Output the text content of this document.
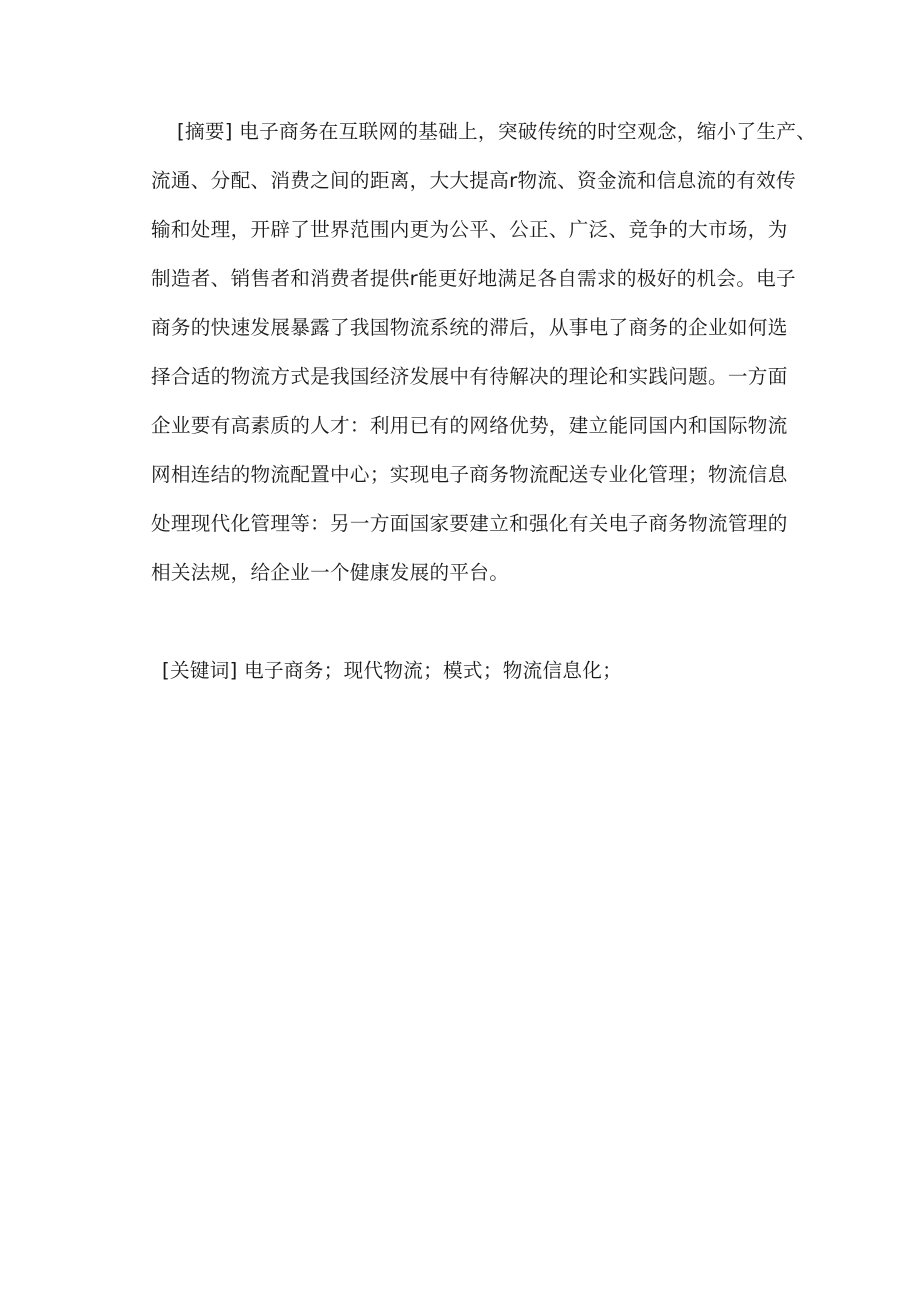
[摘要] 电子商务在互联网的基础上，突破传统的时空观念，缩小了生产、
流通、分配、消费之间的距离，大大提高r物流、资金流和信息流的有效传
输和处理，开辟了世界范围内更为公平、公正、广泛、竞争的大市场，为
制造者、销售者和消费者提供r能更好地满足各自需求的极好的机会。电子
商务的快速发展暴露了我国物流系统的滞后，从事电了商务的企业如何选
择合适的物流方式是我国经济发展中有待解决的理论和实践问题。一方面
企业要有高素质的人才：利用已有的网络优势，建立能同国内和国际物流
网相连结的物流配置中心；实现电子商务物流配送专业化管理；物流信息
处理现代化管理等：另一方面国家要建立和强化有关电子商务物流管理的
相关法规，给企业一个健康发展的平台。
[关键词] 电子商务；现代物流；模式；物流信息化；
